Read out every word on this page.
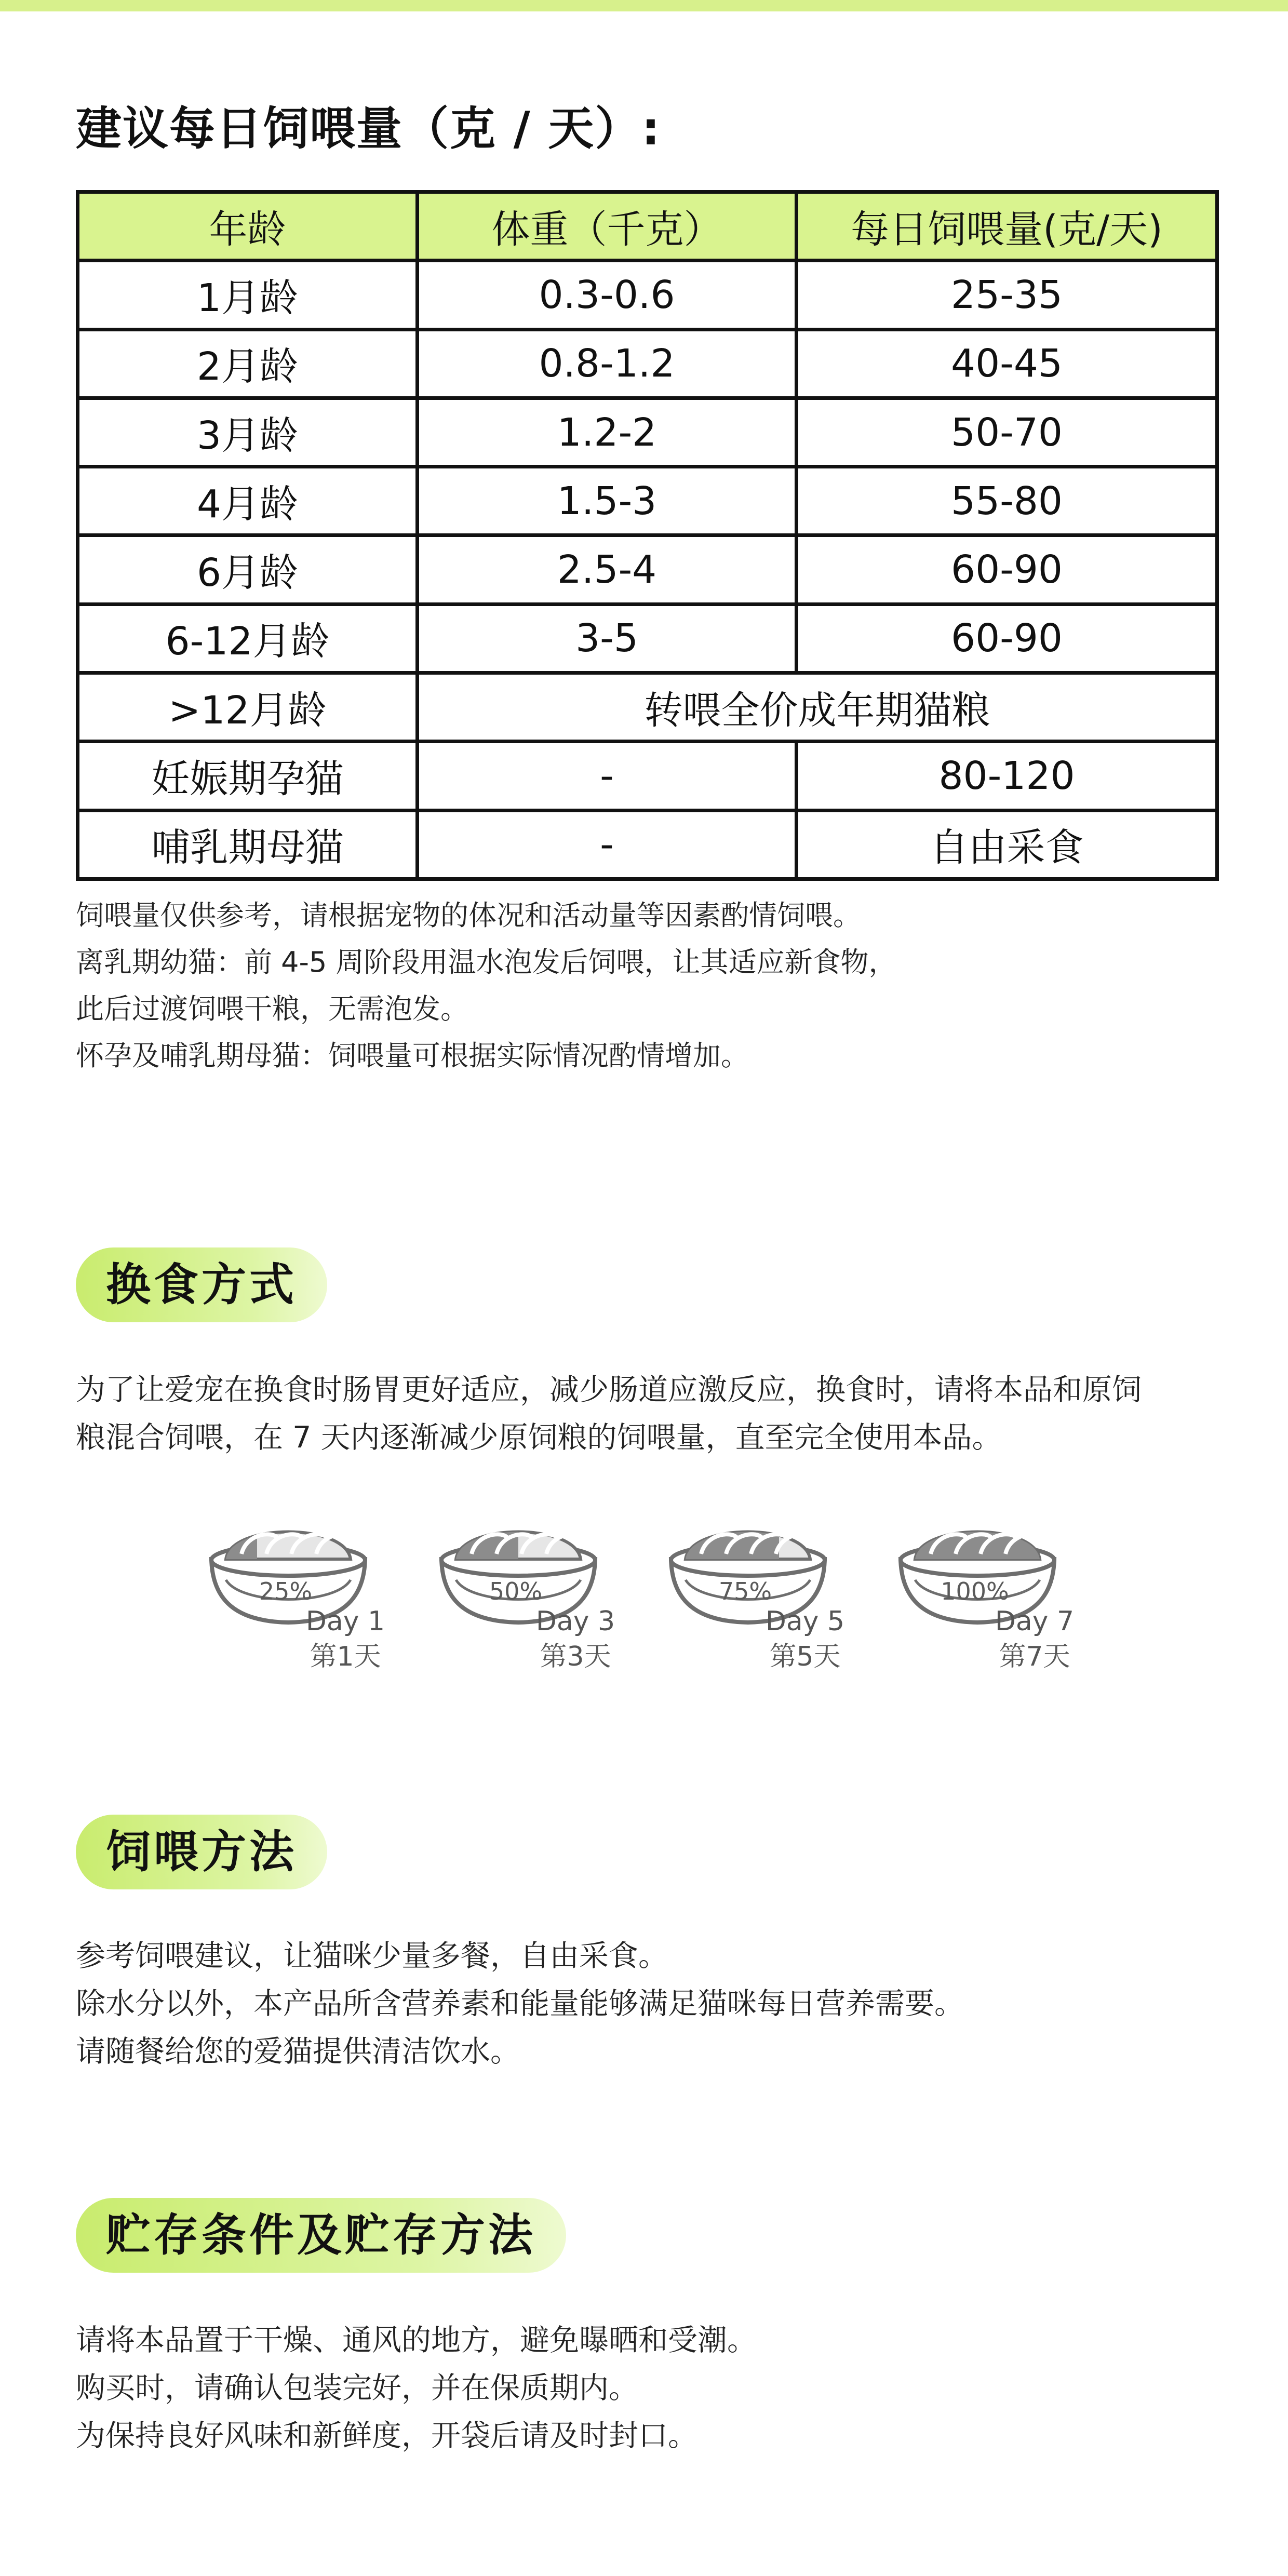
建议每日饲喂量（克 / 天）:
年龄	体重（千克）	每日饲喂量(克/天)
1月龄	0.3-0.6	25-35
2月龄	0.8-1.2	40-45
3月龄	1.2-2	50-70
4月龄	1.5-3	55-80
6月龄	2.5-4	60-90
6-12月龄	3-5	60-90
>12月龄	转喂全价成年期猫粮	
妊娠期孕猫	-	80-120
哺乳期母猫	-	自由采食
饲喂量仅供参考，请根据宠物的体况和活动量等因素酌情饲喂。
离乳期幼猫：前 4-5 周阶段用温水泡发后饲喂，让其适应新食物，
此后过渡饲喂干粮，无需泡发。
怀孕及哺乳期母猫：饲喂量可根据实际情况酌情增加。
换食方式
为了让爱宠在换食时肠胃更好适应，减少肠道应激反应，换食时，请将本品和原饲
粮混合饲喂，在 7 天内逐渐减少原饲粮的饲喂量，直至完全使用本品。
25%
Day 1
第1天
50%
Day 3
第3天
75%
Day 5
第5天
100%
Day 7
第7天
饲喂方法
参考饲喂建议，让猫咪少量多餐，自由采食。
除水分以外，本产品所含营养素和能量能够满足猫咪每日营养需要。
请随餐给您的爱猫提供清洁饮水。
贮存条件及贮存方法
请将本品置于干燥、通风的地方，避免曝晒和受潮。
购买时，请确认包装完好，并在保质期内。
为保持良好风味和新鲜度，开袋后请及时封口。
